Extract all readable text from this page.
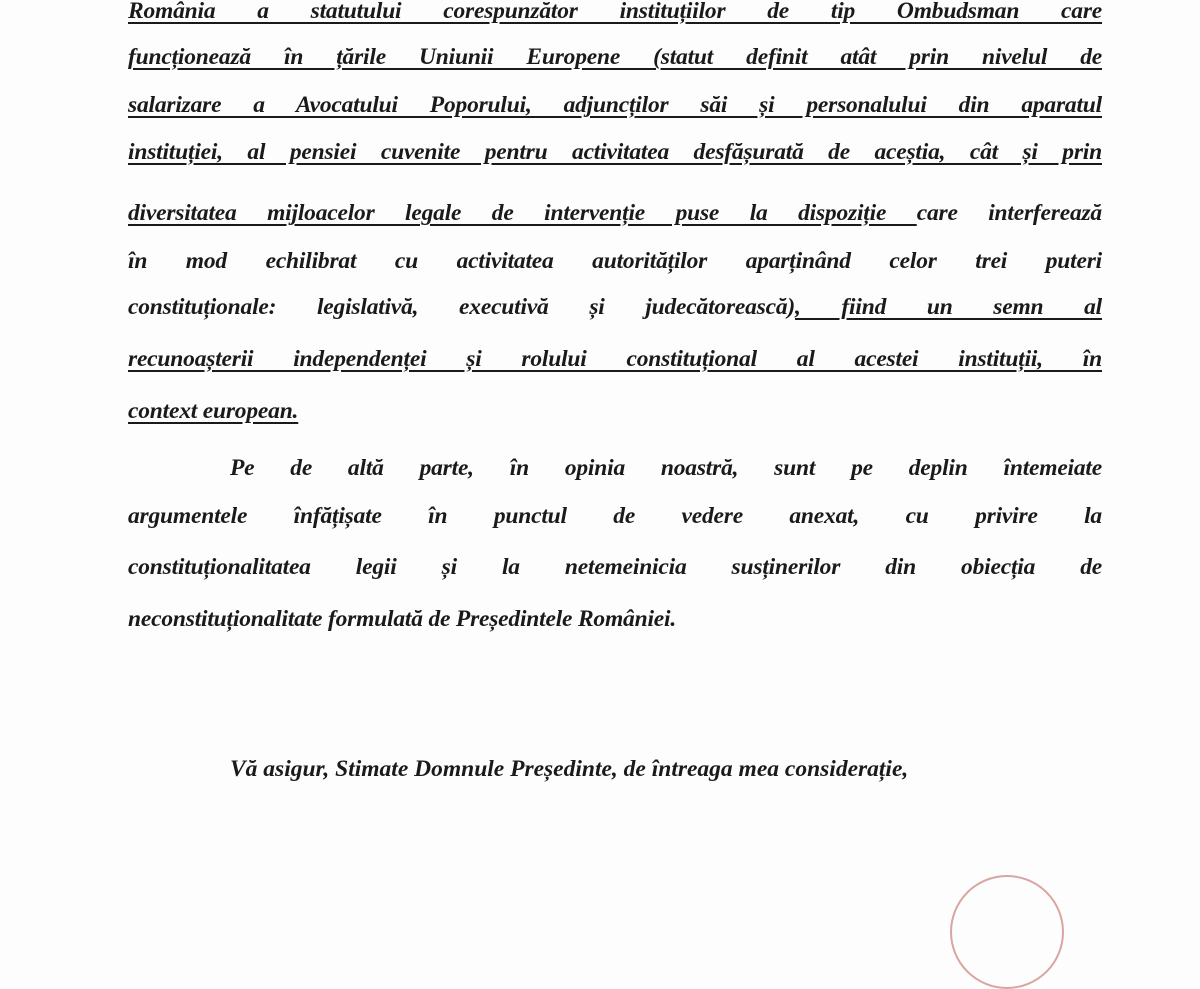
România a statutului corespunzător instituțiilor de tip Ombudsman care
funcționează în țările Uniunii Europene (statut definit atât prin nivelul de
salarizare a Avocatului Poporului, adjuncților săi și personalului din aparatul
instituției, al pensiei cuvenite pentru activitatea desfășurată de aceștia, cât și prin
diversitatea mijloacelor legale de intervenție puse la dispoziție care interferează
în mod echilibrat cu activitatea autorităților aparținând celor trei puteri
constituționale: legislativă, executivă și judecătorească), fiind un semn al
recunoașterii independenței și rolului constituțional al acestei instituții, în
context european.
Pe de altă parte, în opinia noastră, sunt pe deplin întemeiate
argumentele înfățișate în punctul de vedere anexat, cu privire la
constituționalitatea legii și la netemeinicia susținerilor din obiecția de
neconstituționalitate formulată de Președintele României.
Vă asigur, Stimate Domnule Președinte, de întreaga mea considerație,
